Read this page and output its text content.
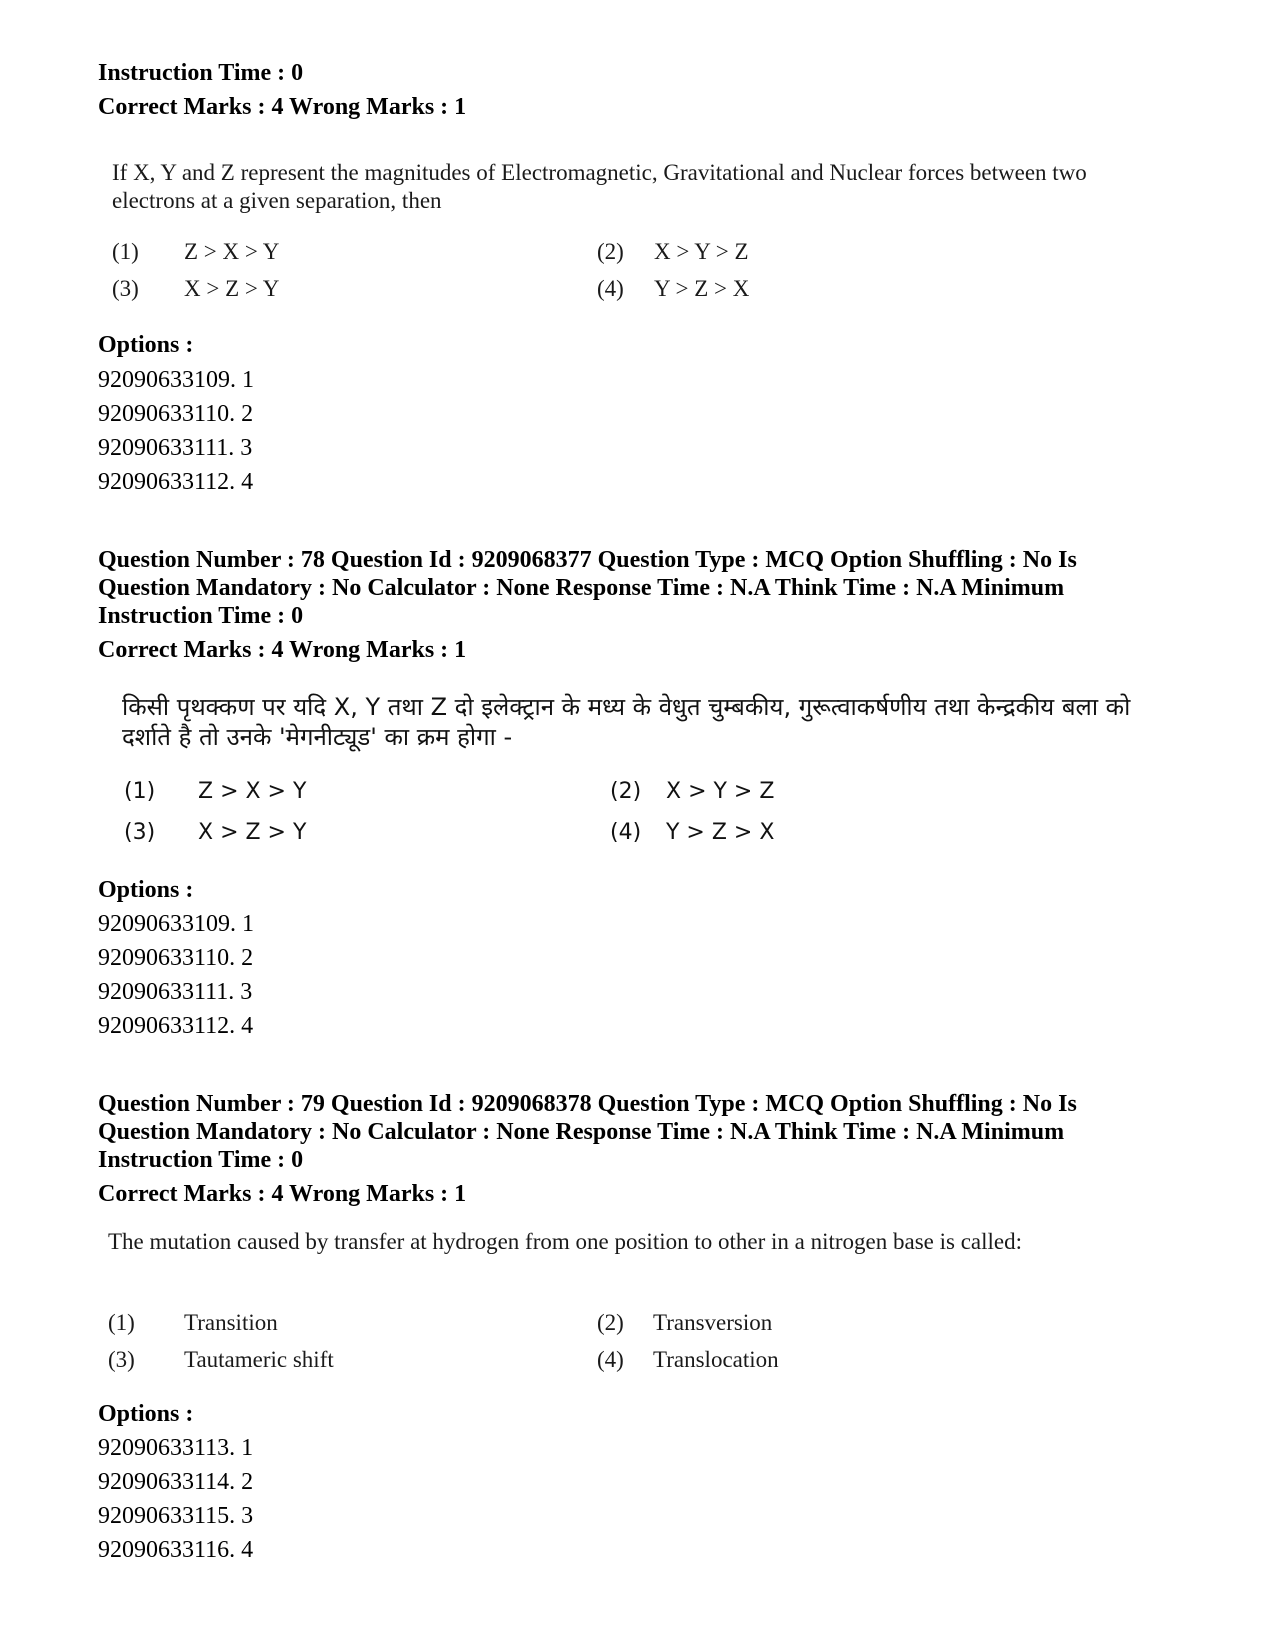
Instruction Time : 0
Correct Marks : 4 Wrong Marks : 1
If X, Y and Z represent the magnitudes of Electromagnetic, Gravitational and Nuclear forces between two electrons at a given separation, then
(1) Z > X > Y	(2) X > Y > Z
(3) X > Z > Y	(4) Y > Z > X
Options :
92090633109. 1
92090633110. 2
92090633111. 3
92090633112. 4
Question Number : 78 Question Id : 9209068377 Question Type : MCQ Option Shuffling : No Is
Question Mandatory : No Calculator : None Response Time : N.A Think Time : N.A Minimum
Instruction Time : 0
Correct Marks : 4 Wrong Marks : 1
किसी पृथक्कण पर यदि X, Y तथा Z दो इलेक्ट्रान के मध्य के वेधुत चुम्बकीय, गुरूत्वाकर्षणीय तथा केन्द्रकीय बला को दर्शाते है तो उनके 'मेगनीट्यूड' का क्रम होगा -
(1) Z > X > Y	(2) X > Y > Z
(3) X > Z > Y	(4) Y > Z > X
Options :
92090633109. 1
92090633110. 2
92090633111. 3
92090633112. 4
Question Number : 79 Question Id : 9209068378 Question Type : MCQ Option Shuffling : No Is
Question Mandatory : No Calculator : None Response Time : N.A Think Time : N.A Minimum
Instruction Time : 0
Correct Marks : 4 Wrong Marks : 1
The mutation caused by transfer at hydrogen from one position to other in a nitrogen base is called:
(1) Transition	(2) Transversion
(3) Tautameric shift	(4) Translocation
Options :
92090633113. 1
92090633114. 2
92090633115. 3
92090633116. 4
